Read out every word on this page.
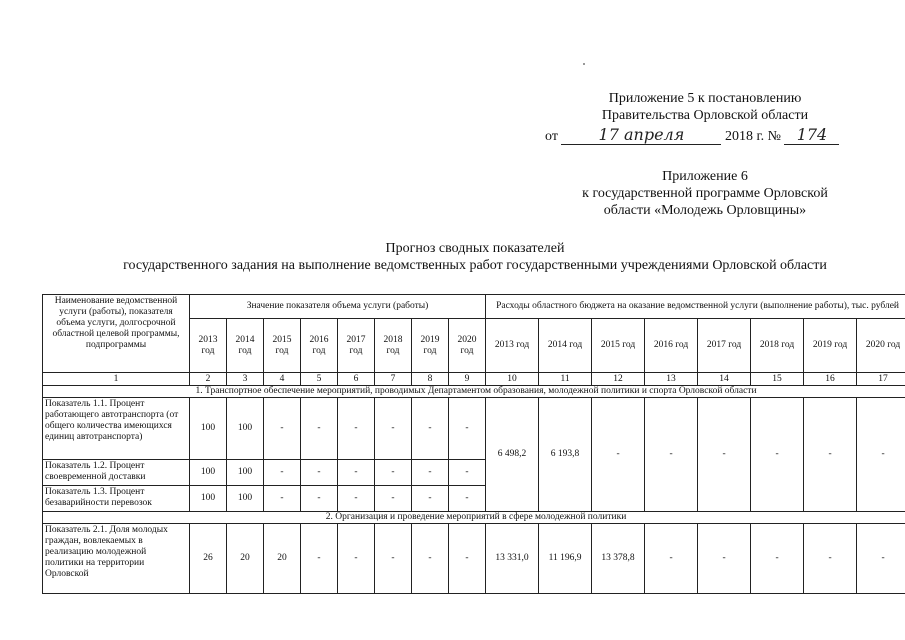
Приложение 5 к постановлению
Правительства Орловской области
от	17 апреля	2018 г. № 174
Приложение 6
к государственной программе Орловской
области «Молодежь Орловщины»
Прогноз сводных показателей
государственного задания на выполнение ведомственных работ государственными учреждениями Орловской области
Наименование ведомственной услуги (работы), показателя объема услуги, долгосрочной областной целевой программы, подпрограммы	Значение показателя объема услуги (работы)								Расходы областного бюджета на оказание ведомственной услуги (выполнение работы), тыс. рублей							
	2013 год	2014 год	2015 год	2016 год	2017 год	2018 год	2019 год	2020 год	2013 год	2014 год	2015 год	2016 год	2017 год	2018 год	2019 год	2020 год
1	2	3	4	5	6	7	8	9	10	11	12	13	14	15	16	17
1. Транспортное обеспечение мероприятий, проводимых Департаментом образования, молодежной политики и спорта Орловской области																
Показатель 1.1. Процент работающего автотранспорта (от общего количества имеющихся единиц автотранспорта)	100	100	-	-	-	-	-	-	6 498,2	6 193,8	-	-	-	-	-	-
Показатель 1.2. Процент своевременной доставки	100	100	-	-	-	-	-	-								
Показатель 1.3. Процент безаварийности перевозок	100	100	-	-	-	-	-	-								
2. Организация и проведение мероприятий в сфере молодежной политики																
Показатель 2.1. Доля молодых граждан, вовлекаемых в реализацию молодежной политики на территории Орловской	26	20	20	-	-	-	-	-	13 331,0	11 196,9	13 378,8	-	-	-	-	-
